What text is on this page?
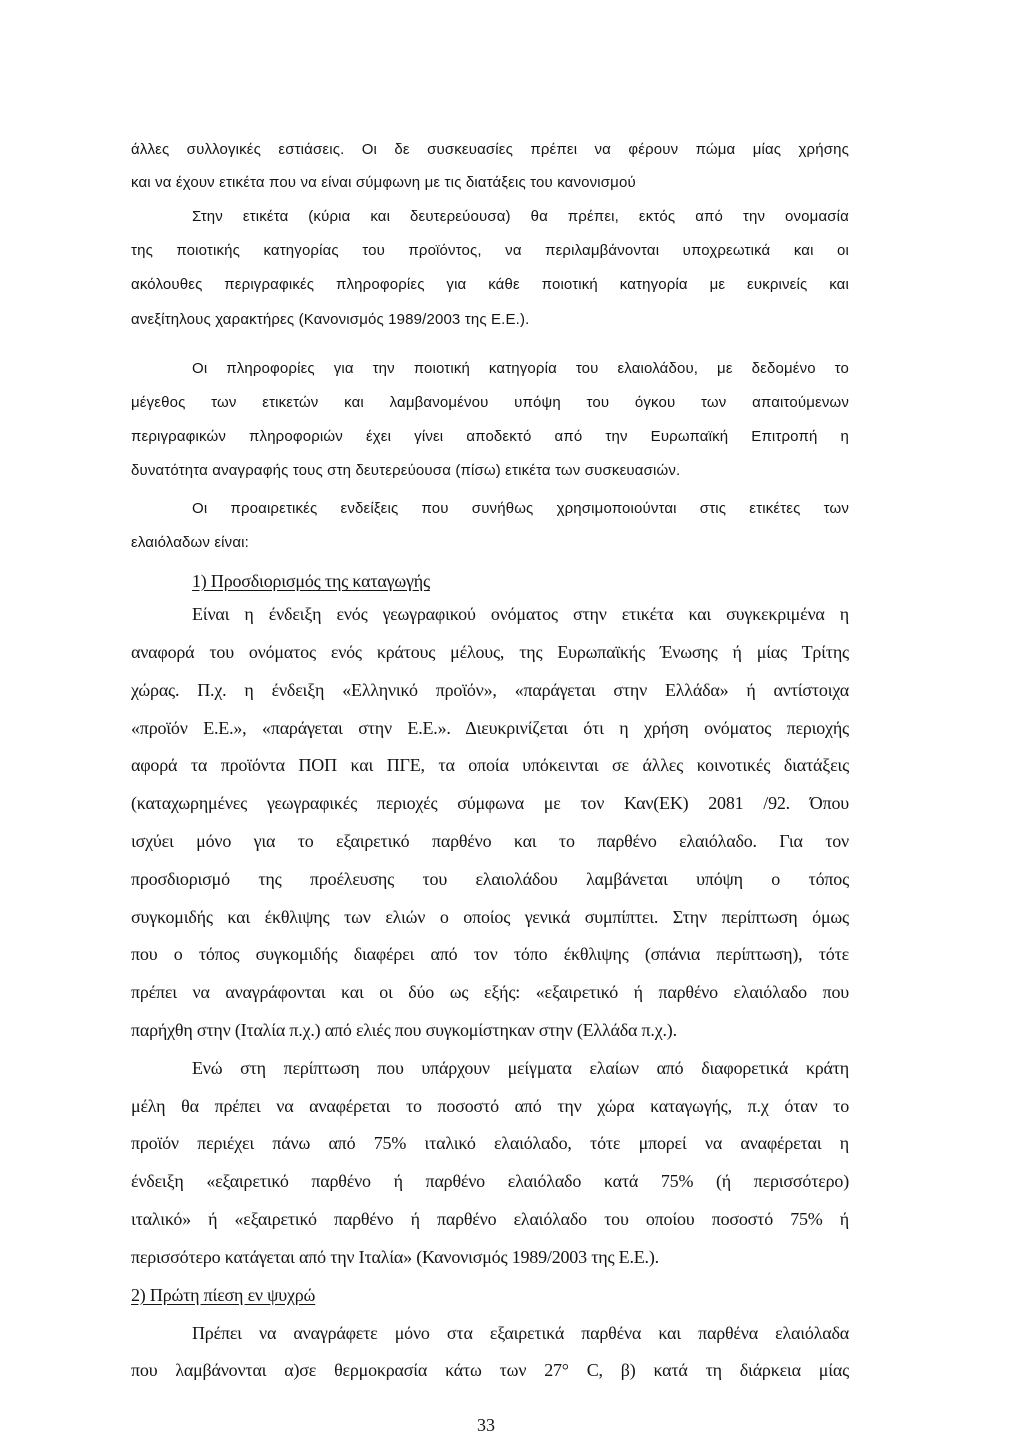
άλλες συλλογικές εστιάσεις. Οι δε συσκευασίες πρέπει να φέρουν πώμα μίας χρήσης
και να έχουν ετικέτα που να είναι σύμφωνη με τις διατάξεις του κανονισμού
Στην ετικέτα (κύρια και δευτερεύουσα) θα πρέπει, εκτός από την ονομασία
της ποιοτικής κατηγορίας του προϊόντος, να περιλαμβάνονται υποχρεωτικά και οι
ακόλουθες περιγραφικές πληροφορίες για κάθε ποιοτική κατηγορία με ευκρινείς και
ανεξίτηλους χαρακτήρες (Κανονισμός 1989/2003 της Ε.Ε.).
Οι πληροφορίες για την ποιοτική κατηγορία του ελαιολάδου, με δεδομένο το
μέγεθος των ετικετών και λαμβανομένου υπόψη του όγκου των απαιτούμενων
περιγραφικών πληροφοριών έχει γίνει αποδεκτό από την Ευρωπαϊκή Επιτροπή η
δυνατότητα αναγραφής τους στη δευτερεύουσα (πίσω) ετικέτα των συσκευασιών.
Οι προαιρετικές ενδείξεις που συνήθως χρησιμοποιούνται στις ετικέτες των
ελαιόλαδων είναι:
1) Προσδιορισμός της καταγωγής
Είναι η ένδειξη ενός γεωγραφικού ονόματος στην ετικέτα και συγκεκριμένα η
αναφορά του ονόματος ενός κράτους μέλους, της Ευρωπαϊκής Ένωσης ή μίας Τρίτης
χώρας. Π.χ. η ένδειξη «Ελληνικό προϊόν», «παράγεται στην Ελλάδα» ή αντίστοιχα
«προϊόν Ε.Ε.», «παράγεται στην Ε.Ε.». Διευκρινίζεται ότι η χρήση ονόματος περιοχής
αφορά τα προϊόντα ΠΟΠ και ΠΓΕ, τα οποία υπόκεινται σε άλλες κοινοτικές διατάξεις
(καταχωρημένες γεωγραφικές περιοχές σύμφωνα με τον Καν(ΕΚ) 2081 /92. Όπου
ισχύει μόνο για το εξαιρετικό παρθένο και το παρθένο ελαιόλαδο. Για τον
προσδιορισμό της προέλευσης του ελαιολάδου λαμβάνεται υπόψη ο τόπος
συγκομιδής και έκθλιψης των ελιών ο οποίος γενικά συμπίπτει. Στην περίπτωση όμως
που ο τόπος συγκομιδής διαφέρει από τον τόπο έκθλιψης (σπάνια περίπτωση), τότε
πρέπει να αναγράφονται και οι δύο ως εξής: «εξαιρετικό ή παρθένο ελαιόλαδο που
παρήχθη στην (Ιταλία π.χ.) από ελιές που συγκομίστηκαν στην (Ελλάδα π.χ.).
Ενώ στη περίπτωση που υπάρχουν μείγματα ελαίων από διαφορετικά κράτη
μέλη θα πρέπει να αναφέρεται το ποσοστό από την χώρα καταγωγής, π.χ όταν το
προϊόν περιέχει πάνω από 75% ιταλικό ελαιόλαδο, τότε μπορεί να αναφέρεται η
ένδειξη «εξαιρετικό παρθένο ή παρθένο ελαιόλαδο κατά 75% (ή περισσότερο)
ιταλικό» ή «εξαιρετικό παρθένο ή παρθένο ελαιόλαδο του οποίου ποσοστό 75% ή
περισσότερο κατάγεται από την Ιταλία» (Κανονισμός 1989/2003 της Ε.Ε.).
2) Πρώτη πίεση εν ψυχρώ
Πρέπει να αναγράφετε μόνο στα εξαιρετικά παρθένα και παρθένα ελαιόλαδα
που λαμβάνονται α)σε θερμοκρασία κάτω των 27° C, β) κατά τη διάρκεια μίας
33
